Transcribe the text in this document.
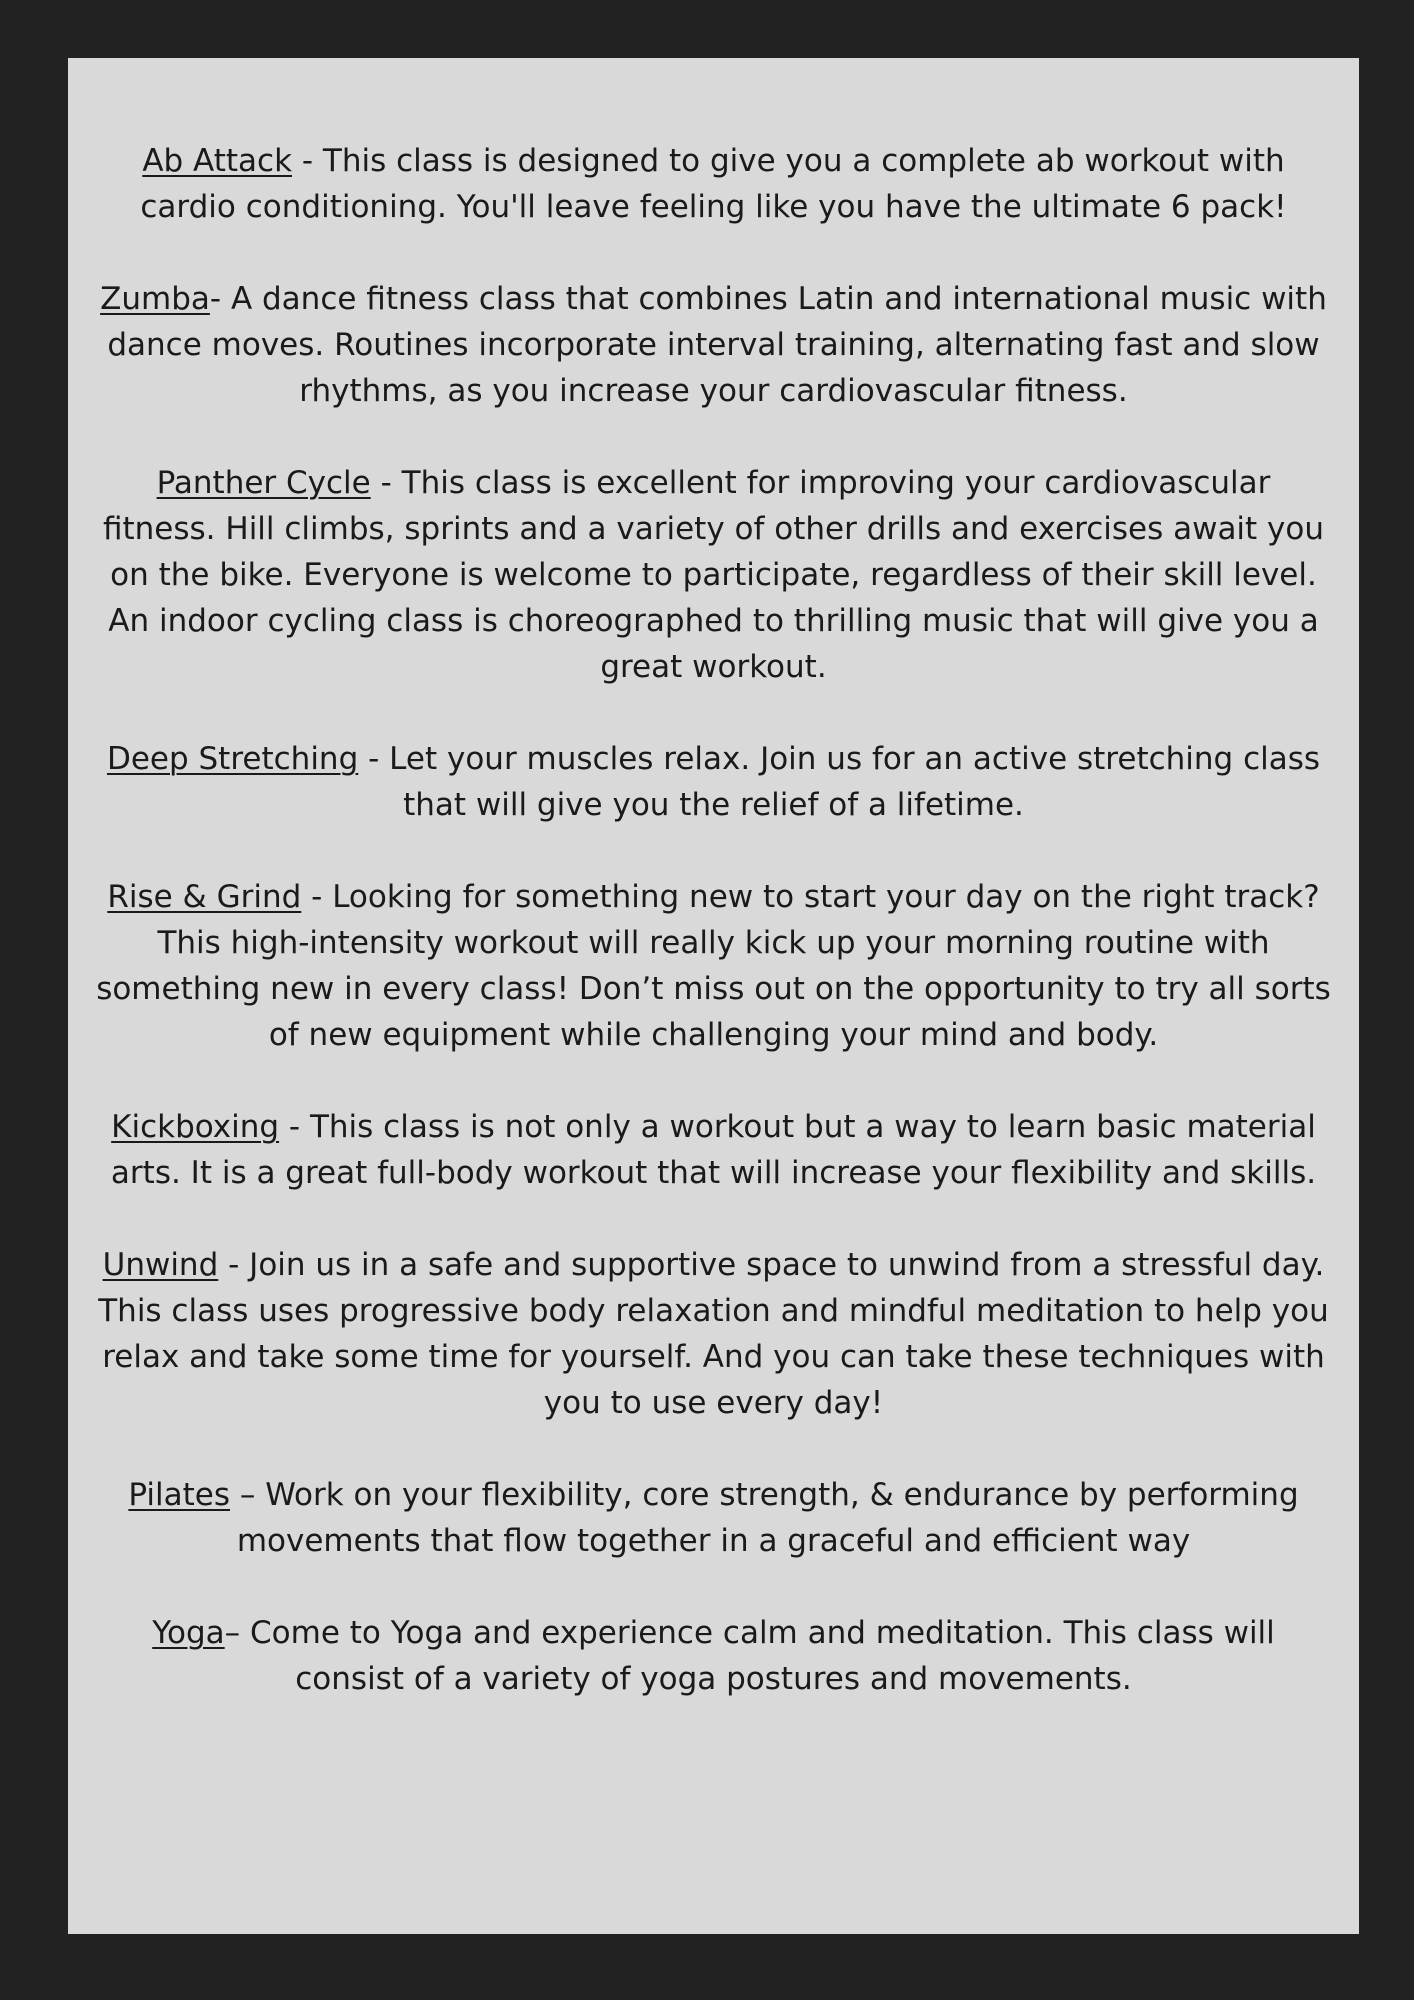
Ab Attack - This class is designed to give you a complete ab workout with cardio conditioning. You'll leave feeling like you have the ultimate 6 pack!

Zumba- A dance fitness class that combines Latin and international music with dance moves. Routines incorporate interval training, alternating fast and slow rhythms, as you increase your cardiovascular fitness.

Panther Cycle - This class is excellent for improving your cardiovascular fitness. Hill climbs, sprints and a variety of other drills and exercises await you on the bike. Everyone is welcome to participate, regardless of their skill level. An indoor cycling class is choreographed to thrilling music that will give you a great workout.

Deep Stretching - Let your muscles relax. Join us for an active stretching class that will give you the relief of a lifetime.

Rise & Grind - Looking for something new to start your day on the right track? This high-intensity workout will really kick up your morning routine with something new in every class! Don’t miss out on the opportunity to try all sorts of new equipment while challenging your mind and body.

Kickboxing - This class is not only a workout but a way to learn basic material arts. It is a great full-body workout that will increase your flexibility and skills.

Unwind - Join us in a safe and supportive space to unwind from a stressful day. This class uses progressive body relaxation and mindful meditation to help you relax and take some time for yourself. And you can take these techniques with you to use every day!

Pilates – Work on your flexibility, core strength, & endurance by performing movements that flow together in a graceful and efficient way

Yoga– Come to Yoga and experience calm and meditation. This class will consist of a variety of yoga postures and movements.
